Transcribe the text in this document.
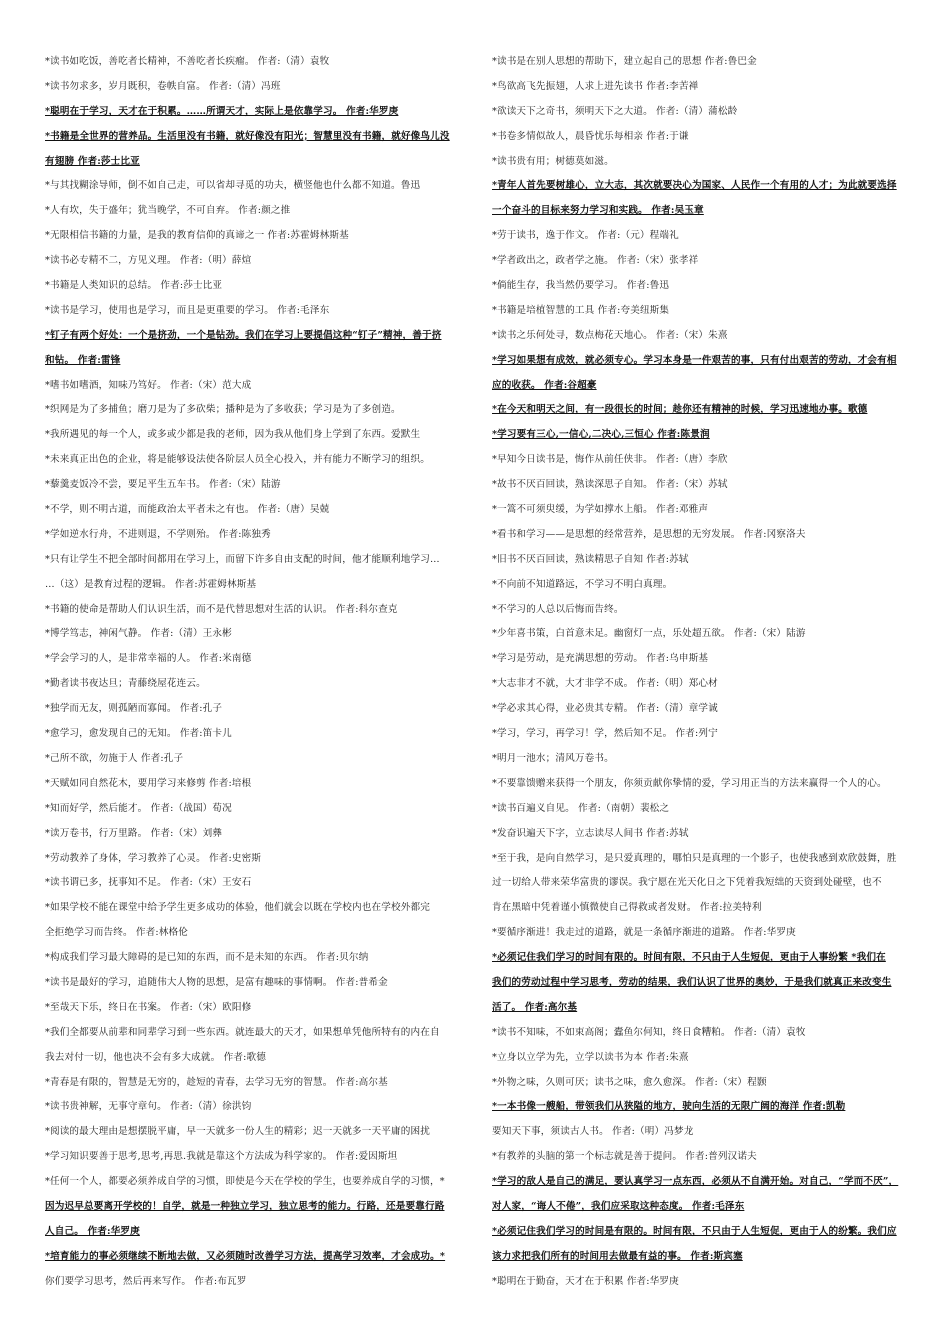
*读书如吃饭，善吃者长精神，不善吃者长疾瘤。 作者:（清）袁牧
*读书勿求多，岁月既积，卷帙自富。 作者:（清）冯班
*聪明在于学习，天才在于积累。……所谓天才，实际上是依靠学习。 作者:华罗庚
*书籍是全世界的营养品。生活里没有书籍，就好像没有阳光；智慧里没有书籍，就好像鸟儿没
有翅膀 作者:莎士比亚
*与其找糊涂导师，倒不如自己走，可以省却寻觅的功夫，横竖他也什么都不知道。鲁迅
*人有坎，失于盛年；犹当晚学，不可自弃。 作者:颜之推
*无限相信书籍的力量，是我的教育信仰的真谛之一 作者:苏霍姆林斯基
*读书必专精不二，方见义理。 作者:（明）薛煊
*书籍是人类知识的总结。 作者:莎士比亚
*读书是学习，使用也是学习，而且是更重要的学习。 作者:毛泽东
*钉子有两个好处：一个是挤劲，一个是钻劲。我们在学习上要提倡这种“钉子”精神，善于挤
和钻。 作者:雷锋
*嗜书如嗜酒，知味乃笃好。 作者:（宋）范大成
*织网是为了多捕鱼；磨刀是为了多砍柴；播种是为了多收获；学习是为了多创造。
*我所遇见的每一个人，或多或少都是我的老师，因为我从他们身上学到了东西。爱默生
*未来真正出色的企业，将是能够设法使各阶层人员全心投入，并有能力不断学习的组织。
*藜羹麦饭冷不尝，要足平生五车书。 作者:（宋）陆游
*不学，则不明古道，而能政治太平者未之有也。 作者:（唐）吴兢
*学如逆水行舟，不进则退，不学则殆。 作者:陈独秀
*只有让学生不把全部时间都用在学习上，而留下许多自由支配的时间，他才能顺利地学习…
…（这）是教育过程的逻辑。 作者:苏霍姆林斯基
*书籍的使命是帮助人们认识生活，而不是代替思想对生活的认识。 作者:科尔查克
*博学笃志，神闲气静。 作者:（清）王永彬
*学会学习的人，是非常幸福的人。 作者:米南德
*勤者读书夜达旦；青藤绕屋花连云。
*独学而无友，则孤陋而寡闻。 作者:孔子
*愈学习，愈发现自己的无知。 作者:笛卡儿
*己所不欲，勿施于人 作者:孔子
*天赋如同自然花木，要用学习来修剪 作者:培根
*知而好学，然后能才。 作者:（战国）荀况
*读万卷书，行万里路。 作者:（宋）刘彝
*劳动教养了身体，学习教养了心灵。 作者:史密斯
*读书谓已多，抚事知不足。 作者:（宋）王安石
*如果学校不能在课堂中给予学生更多成功的体验，他们就会以既在学校内也在学校外都完
全拒绝学习而告终。 作者:林格伦
*构成我们学习最大障碍的是已知的东西，而不是未知的东西。 作者:贝尔纳
*读书是最好的学习，追随伟大人物的思想，是富有趣味的事情啊。 作者:普希金
*至哉天下乐，终日在书案。 作者:（宋）欧阳修
*我们全都要从前辈和同辈学习到一些东西。就连最大的天才，如果想单凭他所特有的内在自
我去对付一切，他也决不会有多大成就。 作者:歌德
*青春是有限的，智慧是无穷的，趁短的青春，去学习无穷的智慧。 作者:高尔基
*读书贵神解，无事守章句。 作者:（清）徐洪钧
*阅读的最大理由是想摆脱平庸，早一天就多一份人生的精彩；迟一天就多一天平庸的困扰
*学习知识要善于思考,思考,再思.我就是靠这个方法成为科学家的。 作者:爱因斯坦
*任何一个人，都要必须养成自学的习惯，即使是今天在学校的学生，也要养成自学的习惯，*
因为迟早总要离开学校的！自学，就是一种独立学习，独立思考的能力。行路，还是要靠行路
人自己。 作者:华罗庚
*培育能力的事必须继续不断地去做，又必须随时改善学习方法，提高学习效率，才会成功。*
你们要学习思考，然后再来写作。 作者:布瓦罗
*读书是在别人思想的帮助下，建立起自己的思想 作者:鲁巴金
*鸟欲高飞先振翅，人求上进先读书 作者:李苦禅
*欲读天下之奇书，须明天下之大道。 作者:（清）蒲松龄
*书卷多情似故人，晨昏忧乐每相亲 作者:于谦
*读书贵有用；树德莫如滋。
*青年人首先要树雄心，立大志，其次就要决心为国家、人民作一个有用的人才；为此就要选择
一个奋斗的目标来努力学习和实践。 作者:吴玉章
*劳于读书，逸于作文。 作者:（元）程端礼
*学者政出之，政者学之施。 作者:（宋）张孝祥
*倘能生存，我当然仍要学习。 作者:鲁迅
*书籍是培植智慧的工具 作者:夸美纽斯集
*读书之乐何处寻，数点梅花天地心。 作者:（宋）朱熹
*学习如果想有成效，就必须专心。学习本身是一件艰苦的事，只有付出艰苦的劳动，才会有相
应的收获。 作者:谷超豪
*在今天和明天之间，有一段很长的时间；趁你还有精神的时候，学习迅速地办事。歌德
*学习要有三心,一信心,二决心,三恒心 作者:陈景润
*早知今日读书是，悔作从前任侠非。 作者:（唐）李欣
*故书不厌百回读，熟读深思子自知。 作者:（宋）苏轼
*一篙不可须臾缓，为学如撑水上船。 作者:邓雅声
*看书和学习——是思想的经常营养，是思想的无穷发展。 作者:冈察洛夫
*旧书不厌百回读，熟读精思子自知 作者:苏轼
*不向前不知道路远，不学习不明白真理。
*不学习的人总以后悔而告终。
*少年喜书策，白首意未足。幽窗灯一点，乐处超五欲。 作者:（宋）陆游
*学习是劳动，是充满思想的劳动。 作者:乌申斯基
*大志非才不就，大才非学不成。 作者:（明）郑心材
*学必求其心得，业必贵其专精。 作者:（清）章学诚
*学习，学习，再学习！学，然后知不足。 作者:列宁
*明月一池水；清风万卷书。
*不要靠馈赠来获得一个朋友，你须贡献你挚情的爱，学习用正当的方法来赢得一个人的心。
*读书百遍义自见。 作者:（南朝）裴松之
*发奋识遍天下字，立志读尽人间书 作者:苏轼
*至于我，是向自然学习，是只爱真理的，哪怕只是真理的一个影子，也使我感到欢欣鼓舞，胜
过一切给人带来荣华富贵的谬误。我宁愿在光天化日之下凭着我短绌的天资到处碰壁，也不
肯在黑暗中凭着谨小慎微使自己得救或者发财。 作者:拉美特利
*要循序渐进！我走过的道路，就是一条循序渐进的道路。 作者:华罗庚
*必须记住我们学习的时间有限的。时间有限，不只由于人生短促，更由于人事纷繁 *我们在
我们的劳动过程中学习思考，劳动的结果，我们认识了世界的奥妙，于是我们就真正来改变生
活了。 作者:高尔基
*读书不知味，不如束高阁；蠹鱼尔何知，终日食糟粕。 作者:（清）袁牧
*立身以立学为先，立学以读书为本 作者:朱熹
*外物之味，久则可厌；读书之味，愈久愈深。 作者:（宋）程颢
*一本书像一艘船，带领我们从狭隘的地方，驶向生活的无限广阔的海洋 作者:凯勒
要知天下事，须读古人书。 作者:（明）冯梦龙
*有教养的头脑的第一个标志就是善于提问。 作者:普列汉诺夫
*学习的敌人是自己的满足，要认真学习一点东西，必须从不自满开始。对自己，“学而不厌”，
对人家，“诲人不倦”，我们应采取这种态度。 作者:毛泽东
*必须记住我们学习的时间是有限的。时间有限，不只由于人生短促，更由于人的纷繁。我们应
该力求把我们所有的时间用去做最有益的事。 作者:斯宾塞
*聪明在于勤奋，天才在于积累 作者:华罗庚
